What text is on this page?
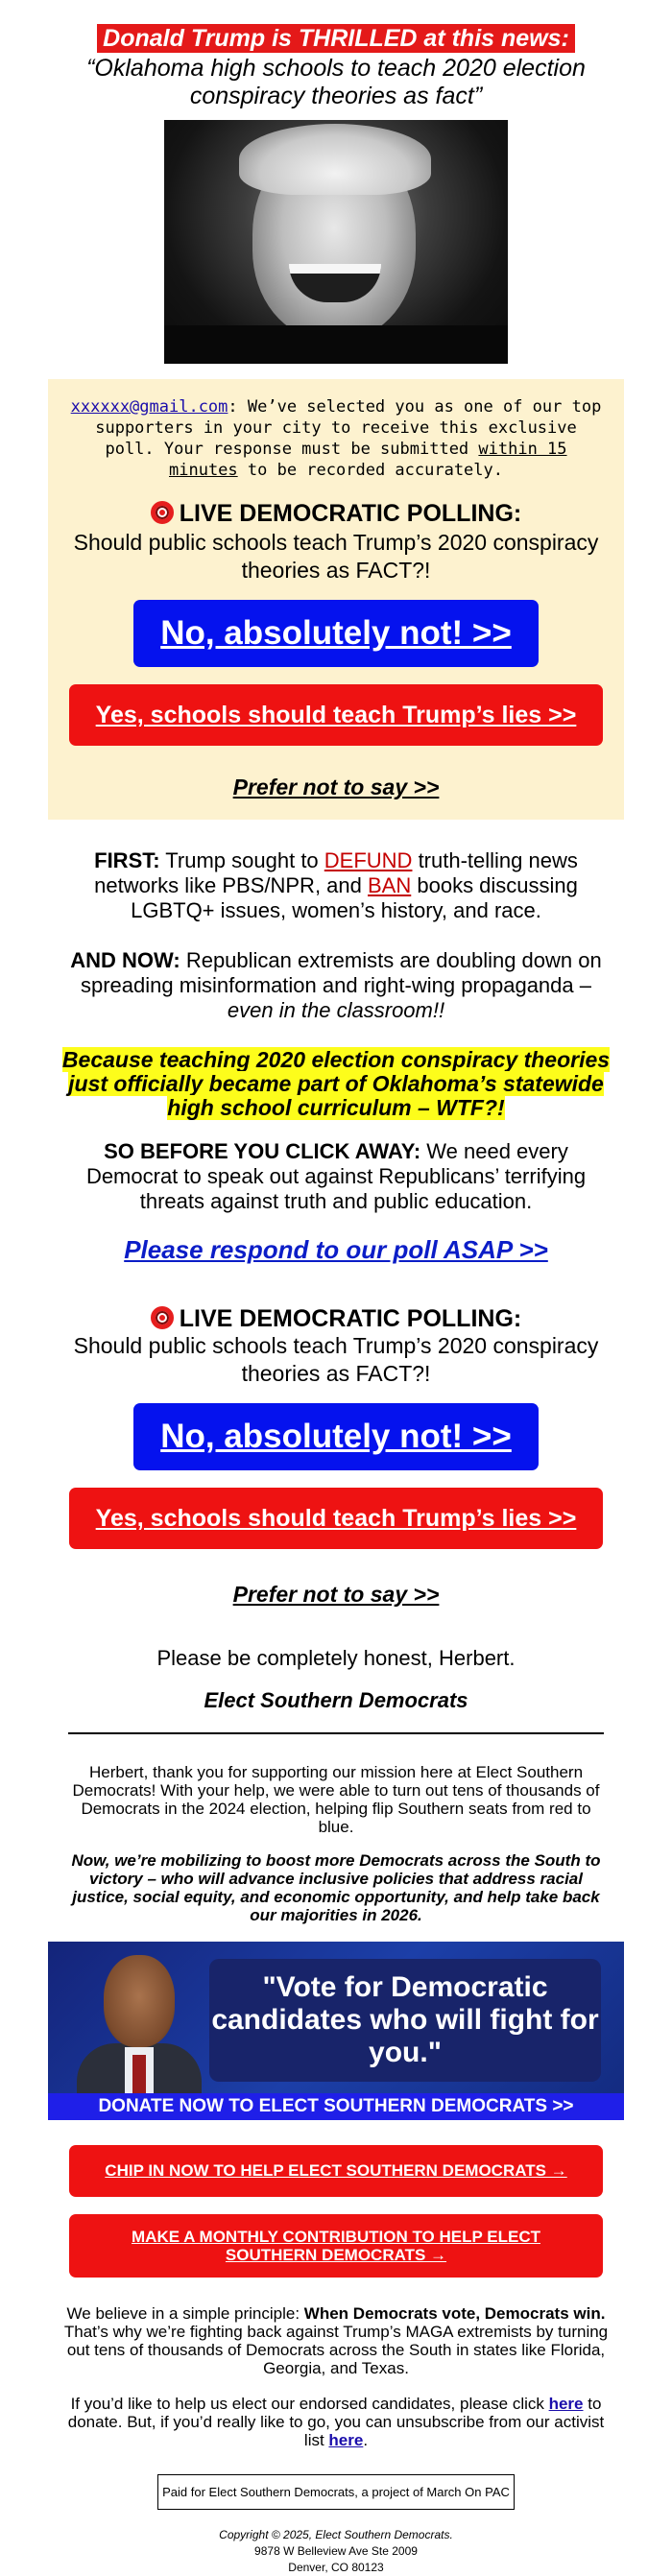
Donald Trump is THRILLED at this news:
“Oklahoma high schools to teach 2020 election conspiracy theories as fact”

xxxxxx@gmail.com: We’ve selected you as one of our top supporters in your city to receive this exclusive poll. Your response must be submitted within 15 minutes to be recorded accurately.

LIVE DEMOCRATIC POLLING:
Should public schools teach Trump’s 2020 conspiracy theories as FACT?!
No, absolutely not! >>
Yes, schools should teach Trump’s lies >>
Prefer not to say >>

FIRST: Trump sought to DEFUND truth-telling news networks like PBS/NPR, and BAN books discussing LGBTQ+ issues, women’s history, and race.

AND NOW: Republican extremists are doubling down on spreading misinformation and right-wing propaganda – even in the classroom!!

Because teaching 2020 election conspiracy theories just officially became part of Oklahoma’s statewide high school curriculum – WTF?!

SO BEFORE YOU CLICK AWAY: We need every Democrat to speak out against Republicans’ terrifying threats against truth and public education.

Please respond to our poll ASAP >>
LIVE DEMOCRATIC POLLING:
Should public schools teach Trump’s 2020 conspiracy theories as FACT?!
No, absolutely not! >>
Yes, schools should teach Trump’s lies >>
Prefer not to say >>

Please be completely honest, Herbert.

Elect Southern Democrats

Herbert, thank you for supporting our mission here at Elect Southern Democrats! With your help, we were able to turn out tens of thousands of Democrats in the 2024 election, helping flip Southern seats from red to blue.

Now, we’re mobilizing to boost more Democrats across the South to victory – who will advance inclusive policies that address racial justice, social equity, and economic opportunity, and help take back our majorities in 2026.

"Vote for Democratic candidates who will fight for you."
DONATE NOW TO ELECT SOUTHERN DEMOCRATS >>
CHIP IN NOW TO HELP ELECT SOUTHERN DEMOCRATS →
MAKE A MONTHLY CONTRIBUTION TO HELP ELECT SOUTHERN DEMOCRATS →

We believe in a simple principle: When Democrats vote, Democrats win. That’s why we’re fighting back against Trump’s MAGA extremists by turning out tens of thousands of Democrats across the South in states like Florida, Georgia, and Texas.

If you’d like to help us elect our endorsed candidates, please click here to donate. But, if you’d really like to go, you can unsubscribe from our activist list here.

Paid for Elect Southern Democrats, a project of March On PAC
Copyright © 2025, Elect Southern Democrats.
9878 W Belleview Ave Ste 2009
Denver, CO 80123
